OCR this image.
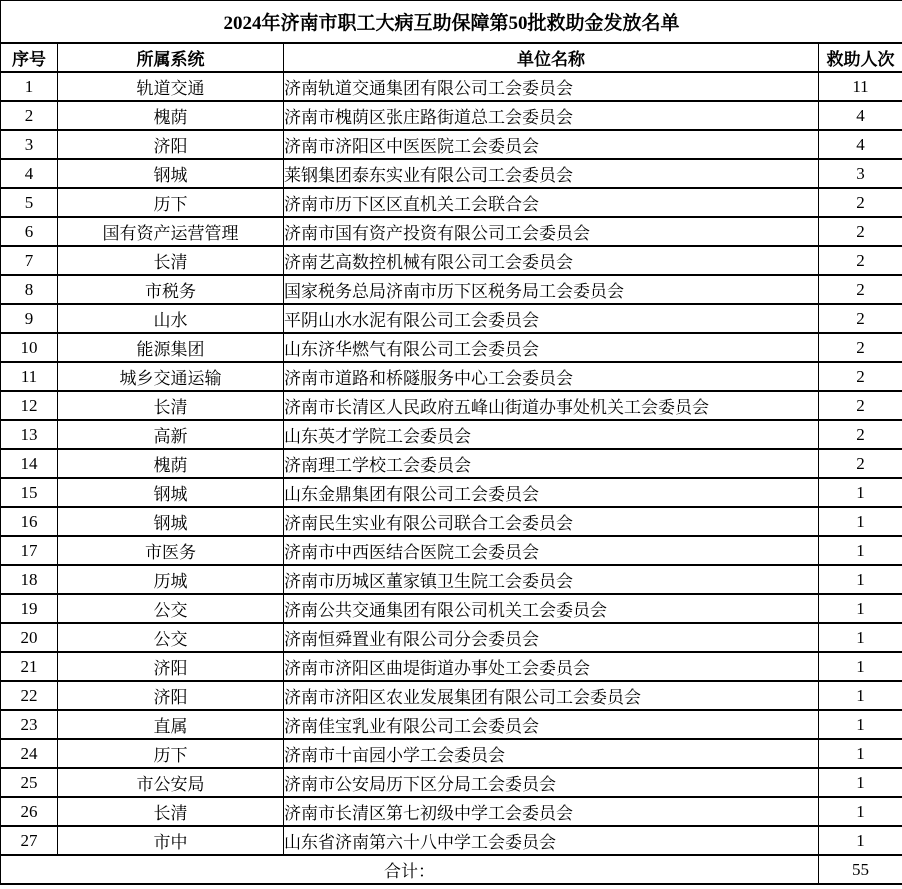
2024年济南市职工大病互助保障第50批救助金发放名单			
序号	所属系统	单位名称	救助人次
1	轨道交通	济南轨道交通集团有限公司工会委员会	11
2	槐荫	济南市槐荫区张庄路街道总工会委员会	4
3	济阳	济南市济阳区中医医院工会委员会	4
4	钢城	莱钢集团泰东实业有限公司工会委员会	3
5	历下	济南市历下区区直机关工会联合会	2
6	国有资产运营管理	济南市国有资产投资有限公司工会委员会	2
7	长清	济南艺高数控机械有限公司工会委员会	2
8	市税务	国家税务总局济南市历下区税务局工会委员会	2
9	山水	平阴山水水泥有限公司工会委员会	2
10	能源集团	山东济华燃气有限公司工会委员会	2
11	城乡交通运输	济南市道路和桥隧服务中心工会委员会	2
12	长清	济南市长清区人民政府五峰山街道办事处机关工会委员会	2
13	高新	山东英才学院工会委员会	2
14	槐荫	济南理工学校工会委员会	2
15	钢城	山东金鼎集团有限公司工会委员会	1
16	钢城	济南民生实业有限公司联合工会委员会	1
17	市医务	济南市中西医结合医院工会委员会	1
18	历城	济南市历城区董家镇卫生院工会委员会	1
19	公交	济南公共交通集团有限公司机关工会委员会	1
20	公交	济南恒舜置业有限公司分会委员会	1
21	济阳	济南市济阳区曲堤街道办事处工会委员会	1
22	济阳	济南市济阳区农业发展集团有限公司工会委员会	1
23	直属	济南佳宝乳业有限公司工会委员会	1
24	历下	济南市十亩园小学工会委员会	1
25	市公安局	济南市公安局历下区分局工会委员会	1
26	长清	济南市长清区第七初级中学工会委员会	1
27	市中	山东省济南第六十八中学工会委员会	1
合计：			55
